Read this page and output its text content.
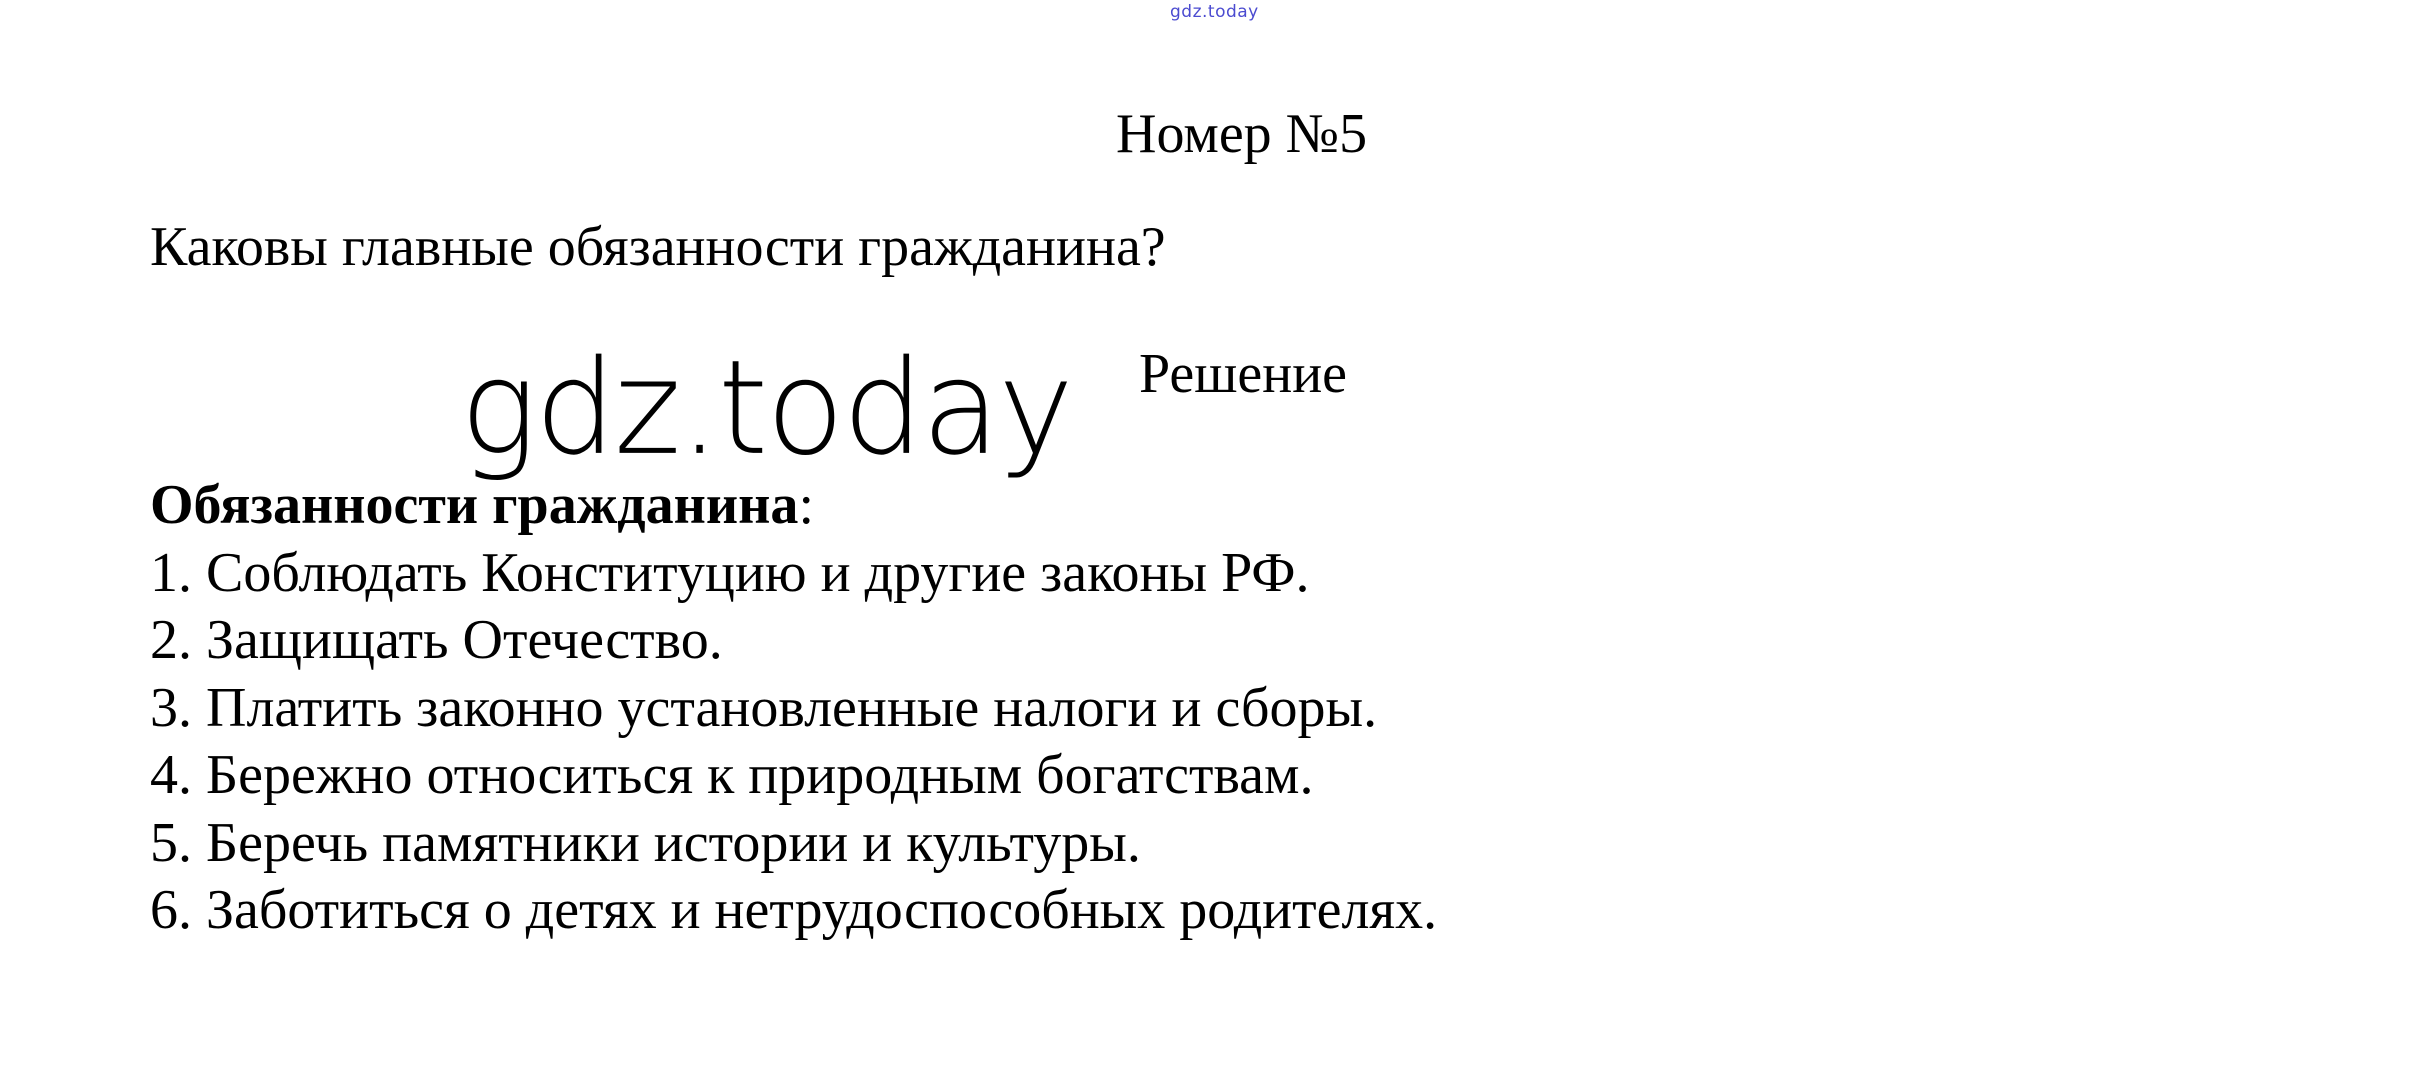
gdz.today
Номер №5
Каковы главные обязанности гражданина?
Решение
gdz.today
Обязанности гражданина:
1. Соблюдать Конституцию и другие законы РФ.
2. Защищать Отечество.
3. Платить законно установленные налоги и сборы.
4. Бережно относиться к природным богатствам.
5. Беречь памятники истории и культуры.
6. Заботиться о детях и нетрудоспособных родителях.
